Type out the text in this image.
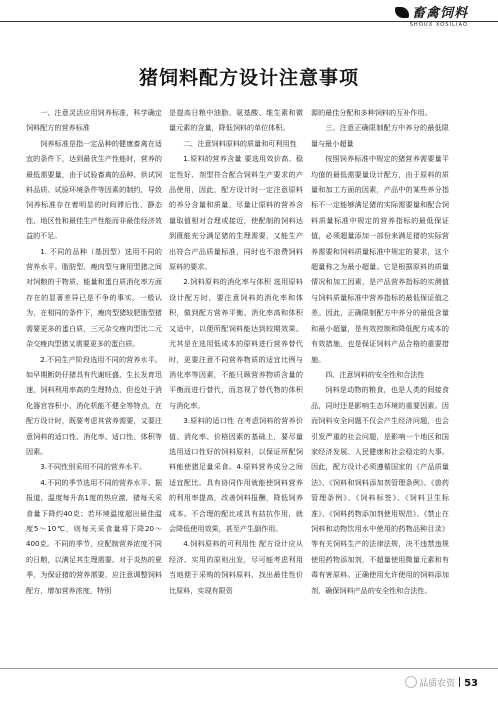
畜禽饲料
SHOUX XOSILIAO
猪饲料配方设计注意事项

一、注意灵活应用饲养标准，科学确定饲料配方的营养标准

饲养标准是指一定品种的健康畜禽在适宜的条件下，达到最优生产性能时，营养的最低需要量，由于试验畜禽的品种、供试饲料品质、试验环境条件等因素的制约，导致饲养标准存在着明显的时间滞后性、静态性、地区性和最佳生产性能而非最佳经济效益的不足。

1. 不同的品种（基因型）选用不同的营养水平。脂肪型、瘦肉型与兼用型猪之间对饲粮的干物质、能量和蛋白质消化率方面存在的显著差异已是不争的事实。一般认为，在相同的条件下，瘦肉型猪较肥脂型猪需要更多的蛋白质，三元杂交瘦肉型比二元杂交瘦肉型猪又需要更多的蛋白质。

2.不同生产阶段选用不同的营养水平。如早期断奶仔猪具有代谢旺盛、生长发育迅速，饲料利用率高的生理特点，但也处于消化器官容积小、消化机能不健全等特点，在配方设计时，既要考虑其营养需要，又要注意饲料的适口性、消化率、适口性、体积等因素。

3.不同性别采用不同的营养水平。

4.不同的季节选用不同的营养水平。据报道，温度每升高1度的热应激，猪每天采食量下降约40克；若环境温度超出最佳温度5～10℃，则每天采食量将下降20～400克。不同的季节，应配制营养浓度不同的日粮，以满足其生理需要。对于炎热的夏季，为保证猪的营养需要，应注意调整饲料配方，增加营养浓度，特别

是提高日粮中油脂、氨基酸、维生素和微量元素的含量，降低饲料的单位体积。

二、注意饲料原料的质量和可利用性

1.原料的营养含量 要选用效价高、稳定性好、剂型符合配合饲料生产要求的产品使用，因此，配方设计时一定注意原料的养分含量和质量，尽量让原料的营养含量取值相对合理或接近，使配制的饲料达到既能充分满足猪的生理需要，又能生产出符合产品质量标准，同时也不浪费饲料原料的要求。

2.饲料原料的消化率与体积 选用原料设计配方时，要注意饲料的消化率和体积，做到配方营养平衡、消化率高和体积又适中，以便所配饲料能达到较期效果。尤其是在选用低成本的原料进行营养替代时，更要注意不同营养物质的适宜比例与消化率等因素，不能只顾营养物质含量的平衡而进行替代，而忽视了替代物的体积与消化率。

3.原料的适口性 在考虑饲料的营养价值、消化率、价格因素的基础上，要尽量选用适口性好的饲料原料，以保证所配饲料能使猪足量采食。4.原料营养成分之间适宜配比。具有协同作用就能使饲料营养的利用率提高，改善饲料报酬，降低饲养成本。不合理的配比或具有拮抗作用，就会降低使用效果，甚至产生副作用。

4.饲料原料的可利用性 配方设计应从经济、实用的原则出发，尽可能考虑利用当地便于采购的饲料原料，找出最佳性价比原料，实现有限资

源的最佳分配和多种饲料的互补作用。

三、注意正确限制配方中养分的最低限量与最小超量

按照饲养标准中规定的猪营养需要量平均值的最低需要量设计配方，由于原料的质量和加工方面的因素，产品中的某些养分指标不一定能够满足猪的实际需要量和配合饲料质量标准中规定的营养指标的最低保证值，必须超量添加一部份来满足猪的实际营养需要和饲料质量标准中规定的要求，这个超量称之为最小超量。它是根据原料的质量情况和加工因素，是产品营养指标的实测值与饲料质量标准中营养指标的最低保证值之差。因此，正确限制配方中养分的最低含量和最小超量，是有效控制和降低配方成本的有效措施，也是保证饲料产品合格的重要措施。

四、注意饲料的安全性和合法性

饲料是动物的粮食，也是人类的间接食品，同时还是影响生态环境的重要因素。因而饲料安全问题不仅会产生经济问题，也会引发严重的社会问题，是影响一个地区和国家经济发展、人民健康和社会稳定的大事。因此，配方设计必须遵循国家的《产品质量法》、《饲料和饲料添加剂管理条例》、《兽药管理条例》、《饲料标签》、《饲料卫生标准》、《饲料药物添加剂使用规范》、《禁止在饲料和动物饮用水中使用的药物品种目录》等有关饲料生产的法律法规，决不违禁违规使用药物添加剂，不超量使用微量元素和有毒有害原料。正确使用允许使用的饲料添加剂，确保饲料产品的安全性和合法性。

品质农资 53
